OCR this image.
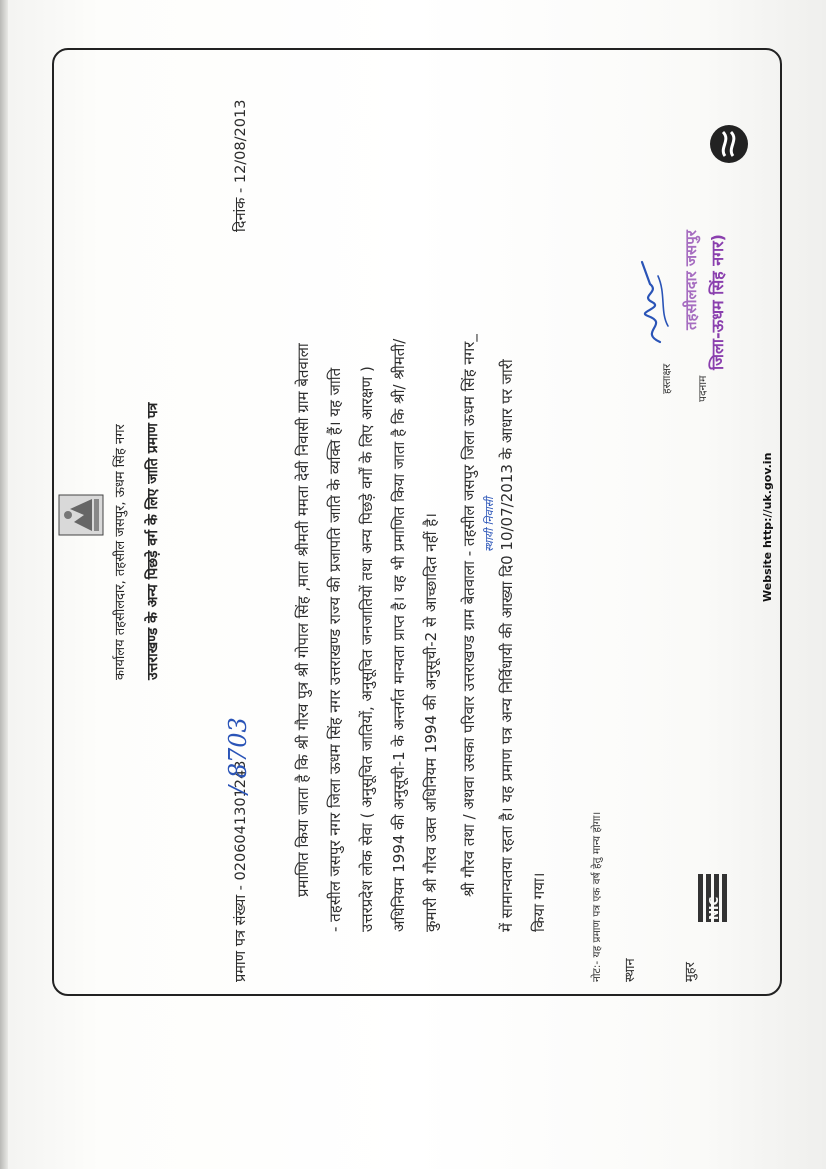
कार्यालय तहसीलदार, तहसील जसपुर, ऊधम सिंह नगर उत्तराखण्ड के अन्य पिछड़े वर्ग के लिए जाति प्रमाण पत्र
प्रमाण पत्र संख्या - 0206041301243
/ 8703
दिनांक - 12/08/2013
प्रमाणित किया जाता है कि श्री गौरव पुत्र श्री गोपाल सिंह ,माता श्रीमती ममता देवी निवासी ग्राम बेतवाला - तहसील जसपुर नगर जिला ऊधम सिंह नगर उत्तराखण्ड राज्य की प्रजापति जाति के व्यक्ति हैं। यह जाति उत्तरप्रदेश लोक सेवा ( अनुसूचित जातियों, अनुसूचित जनजातियों तथा अन्य पिछड़े वर्गों के लिए आरक्षण ) अधिनियम 1994 की अनुसूची-1 के अन्तर्गत मान्यता प्राप्त है। यह भी प्रमाणित किया जाता है कि श्री/ श्रीमती/ कुमारी श्री गौरव उक्त अधिनियम 1994 की अनुसूची-2 से आच्छादित नहीं है। श्री गौरव तथा / अथवा उसका परिवार उत्तराखण्ड ग्राम बेतवाला - तहसील जसपुर जिला ऊधम सिंह नगर_ स्थायी निवासी में सामान्यतया रहता है। यह प्रमाण पत्र अन्य निर्विधायी की आख्या दि0 10/07/2013 के आधार पर जारी किया गया।
हस्ताक्षर
तहसीलदार जसपुर
पदनाम
जिला-ऊधम सिंह नगर)
नोट:- यह प्रमाण पत्र एक वर्ष हेतु मान्य होगा। स्थान	मुहर
NIC
Website http://uk.gov.in
